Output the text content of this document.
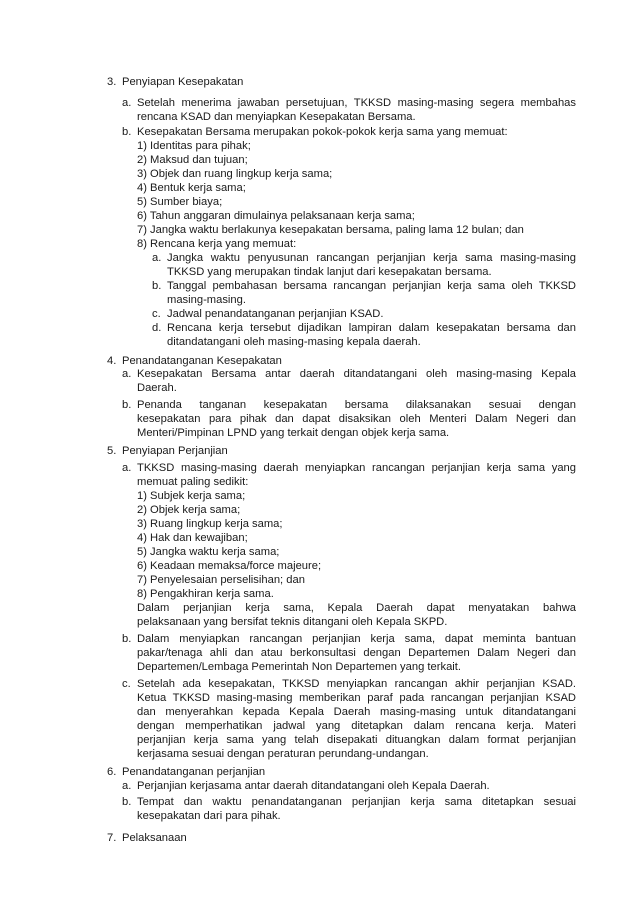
3. Penyiapan Kesepakatan
a. Setelah menerima jawaban persetujuan, TKKSD masing-masing segera membahas
rencana KSAD dan menyiapkan Kesepakatan Bersama.
b. Kesepakatan Bersama merupakan pokok-pokok kerja sama yang memuat:
1) Identitas para pihak;
2) Maksud dan tujuan;
3) Objek dan ruang lingkup kerja sama;
4) Bentuk kerja sama;
5) Sumber biaya;
6) Tahun anggaran dimulainya pelaksanaan kerja sama;
7) Jangka waktu berlakunya kesepakatan bersama, paling lama 12 bulan; dan
8) Rencana kerja yang memuat:
a. Jangka waktu penyusunan rancangan perjanjian kerja sama masing-masing
TKKSD yang merupakan tindak lanjut dari kesepakatan bersama.
b. Tanggal pembahasan bersama rancangan perjanjian kerja sama oleh TKKSD
masing-masing.
c. Jadwal penandatanganan perjanjian KSAD.
d. Rencana kerja tersebut dijadikan lampiran dalam kesepakatan bersama dan
ditandatangani oleh masing-masing kepala daerah.
4. Penandatanganan Kesepakatan
a. Kesepakatan Bersama antar daerah ditandatangani oleh masing-masing Kepala
Daerah.
b. Penanda tanganan kesepakatan bersama dilaksanakan sesuai dengan
kesepakatan para pihak dan dapat disaksikan oleh Menteri Dalam Negeri dan
Menteri/Pimpinan LPND yang terkait dengan objek kerja sama.
5. Penyiapan Perjanjian
a. TKKSD masing-masing daerah menyiapkan rancangan perjanjian kerja sama yang
memuat paling sedikit:
1) Subjek kerja sama;
2) Objek kerja sama;
3) Ruang lingkup kerja sama;
4) Hak dan kewajiban;
5) Jangka waktu kerja sama;
6) Keadaan memaksa/force majeure;
7) Penyelesaian perselisihan; dan
8) Pengakhiran kerja sama.
Dalam perjanjian kerja sama, Kepala Daerah dapat menyatakan bahwa
pelaksanaan yang bersifat teknis ditangani oleh Kepala SKPD.
b. Dalam menyiapkan rancangan perjanjian kerja sama, dapat meminta bantuan
pakar/tenaga ahli dan atau berkonsultasi dengan Departemen Dalam Negeri dan
Departemen/Lembaga Pemerintah Non Departemen yang terkait.
c. Setelah ada kesepakatan, TKKSD menyiapkan rancangan akhir perjanjian KSAD.
Ketua TKKSD masing-masing memberikan paraf pada rancangan perjanjian KSAD
dan menyerahkan kepada Kepala Daerah masing-masing untuk ditandatangani
dengan memperhatikan jadwal yang ditetapkan dalam rencana kerja. Materi
perjanjian kerja sama yang telah disepakati dituangkan dalam format perjanjian
kerjasama sesuai dengan peraturan perundang-undangan.
6. Penandatanganan perjanjian
a. Perjanjian kerjasama antar daerah ditandatangani oleh Kepala Daerah.
b. Tempat dan waktu penandatanganan perjanjian kerja sama ditetapkan sesuai
kesepakatan dari para pihak.
7. Pelaksanaan
